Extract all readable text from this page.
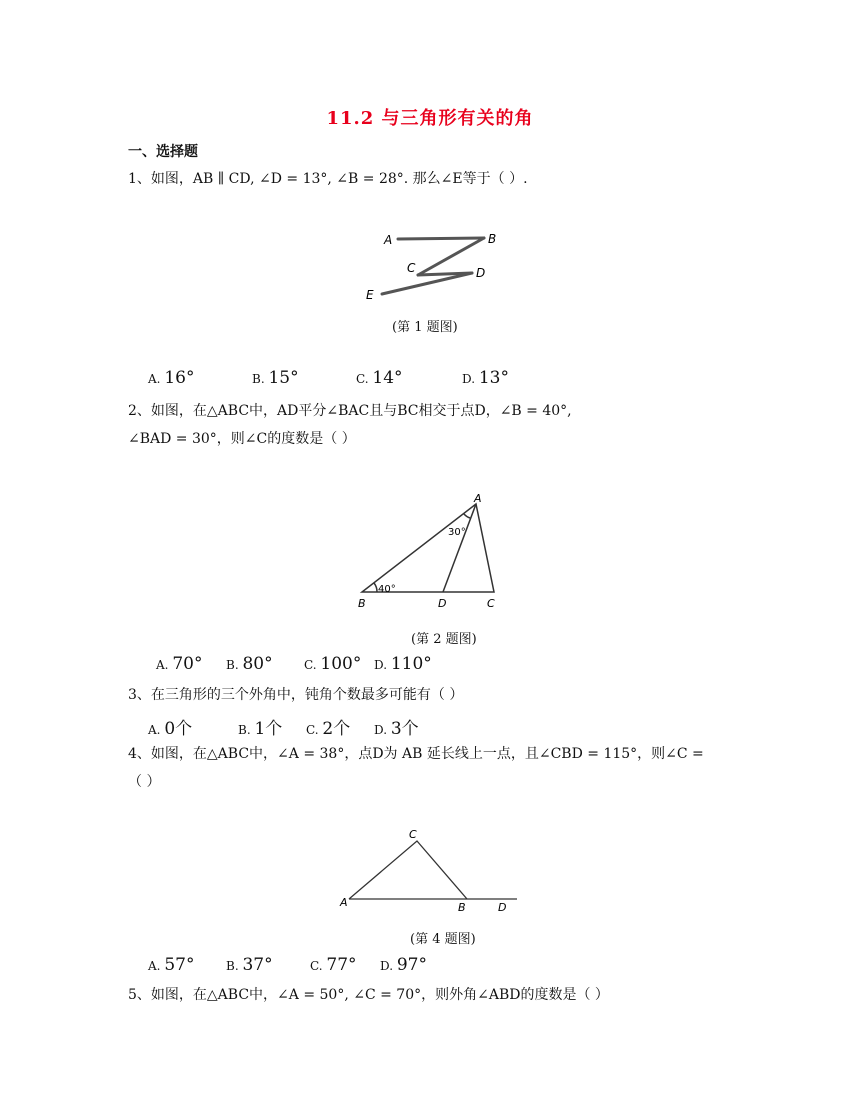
11.2 与三角形有关的角
一、选择题
1、如图，AB ∥ CD, ∠D = 13°, ∠B = 28°. 那么∠E等于（ ）.
A	B
C	D
E
(第 1 题图)
A. 16°	B. 15°	C. 14°	D. 13°
2、如图，在△ABC中，AD平分∠BAC且与BC相交于点D，∠B = 40°,
∠BAD = 30°，则∠C的度数是（ ）
A
B	D	C
30°
40°
(第 2 题图)
A. 70° B. 80°	C. 100° D. 110°
3、在三角形的三个外角中，钝角个数最多可能有（ ）
A. 0个	B. 1个 C. 2个 D. 3个
4、如图，在△ABC中，∠A = 38°，点D为 AB 延长线上一点，且∠CBD = 115°，则∠C =
（ ）
C
A	B	D
(第 4 题图)
A. 57°	B. 37°	C. 77° D. 97°
5、如图，在△ABC中，∠A = 50°, ∠C = 70°，则外角∠ABD的度数是（ ）
